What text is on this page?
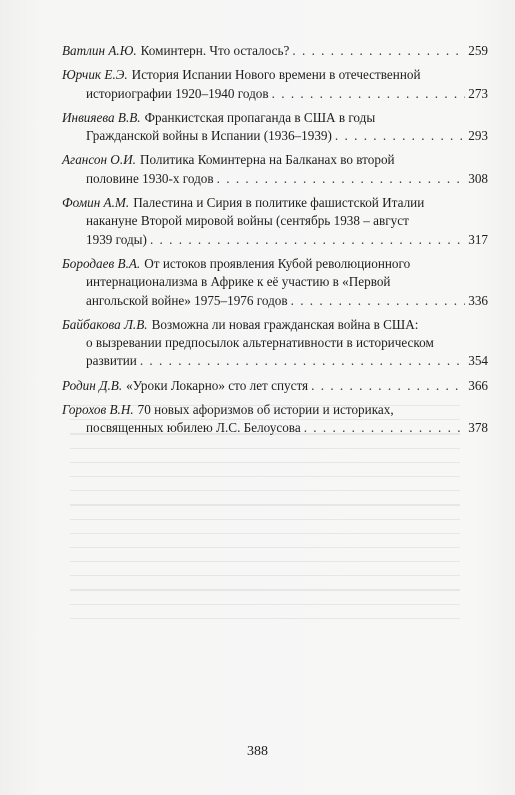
Ватлин А.Ю. Коминтерн. Что осталось? . . .	259
Юрчик Е.Э. История Испании Нового времени в отечественной
историографии 1920–1940 годов . . .	273
Инвияева В.В. Франкистская пропаганда в США в годы
Гражданской войны в Испании (1936–1939) . . .	293
Агансон О.И. Политика Коминтерна на Балканах во второй
половине 1930-х годов . . .	308
Фомин А.М. Палестина и Сирия в политике фашистской Италии
накануне Второй мировой войны (сентябрь 1938 – август
1939 годы) . . .	317
Бородаев В.А. От истоков проявления Кубой революционного
интернационализма в Африке к её участию в «Первой
ангольской войне» 1975–1976 годов . . .	336
Байбакова Л.В. Возможна ли новая гражданская война в США:
о вызревании предпосылок альтернативности в историческом
развитии . . .	354
Родин Д.В. «Уроки Локарно» сто лет спустя . . .	366
Горохов В.Н. 70 новых афоризмов об истории и историках,
посвященных юбилею Л.С. Белоусова . . .	378
388
